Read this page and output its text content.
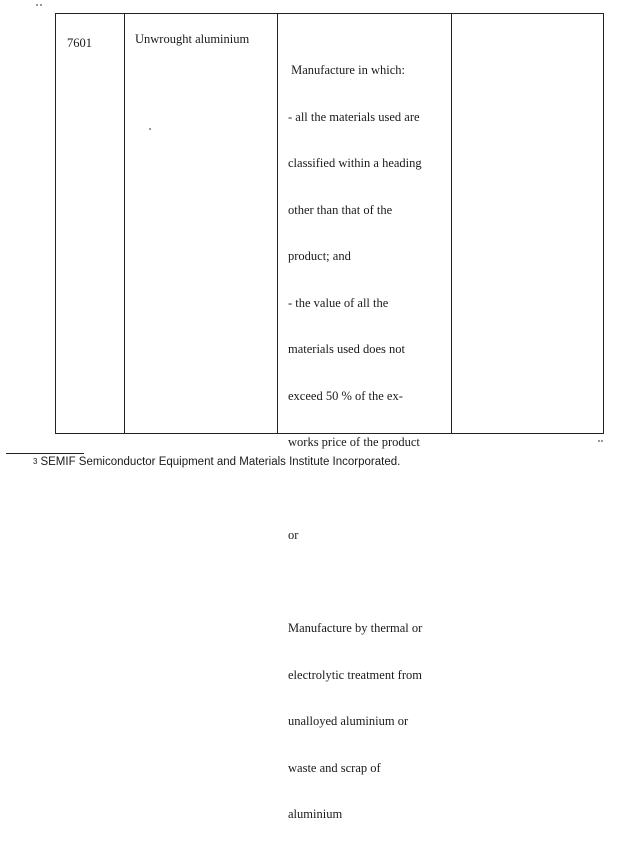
7601	Unwrought aluminium

Manufacture in which:

- all the materials used are

classified within a heading

other than that of the

product; and

- the value of all the

materials used does not

exceed 50 % of the ex-

works price of the product

or

Manufacture by thermal or

electrolytic treatment from

unalloyed aluminium or

waste and scrap of

aluminium

3 SEMIF Semiconductor Equipment and Materials Institute Incorporated.
